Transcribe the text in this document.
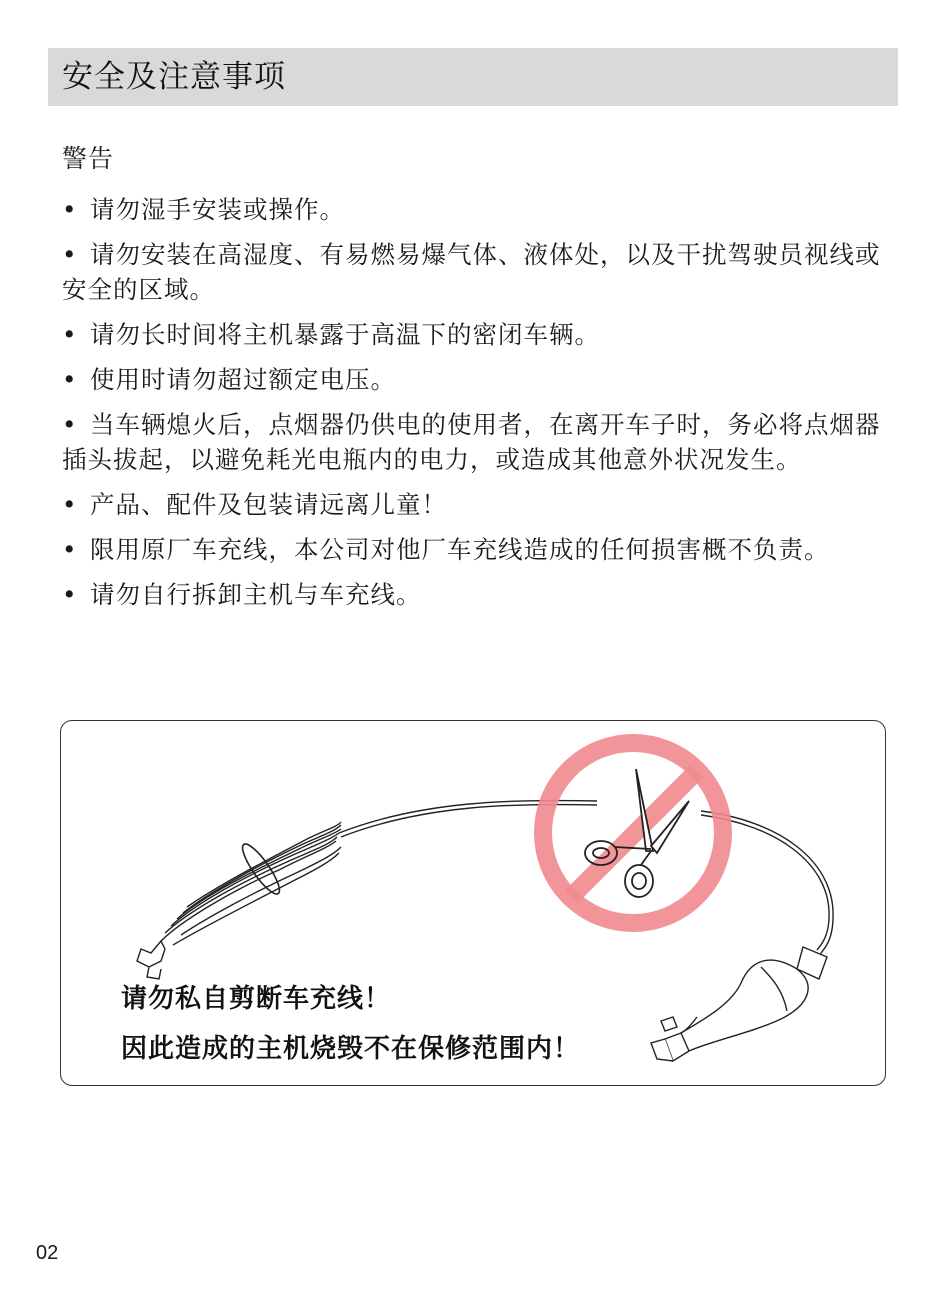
安全及注意事项
警告
• 请勿湿手安装或操作。
• 请勿安装在高湿度、有易燃易爆气体、液体处，以及干扰驾驶员视线或安全的区域。
• 请勿长时间将主机暴露于高温下的密闭车辆。
• 使用时请勿超过额定电压。
• 当车辆熄火后，点烟器仍供电的使用者，在离开车子时，务必将点烟器插头拔起，以避免耗光电瓶内的电力，或造成其他意外状况发生。
• 产品、配件及包装请远离儿童！
• 限用原厂车充线，本公司对他厂车充线造成的任何损害概不负责。
• 请勿自行拆卸主机与车充线。
请勿私自剪断车充线！
因此造成的主机烧毁不在保修范围内！
02
